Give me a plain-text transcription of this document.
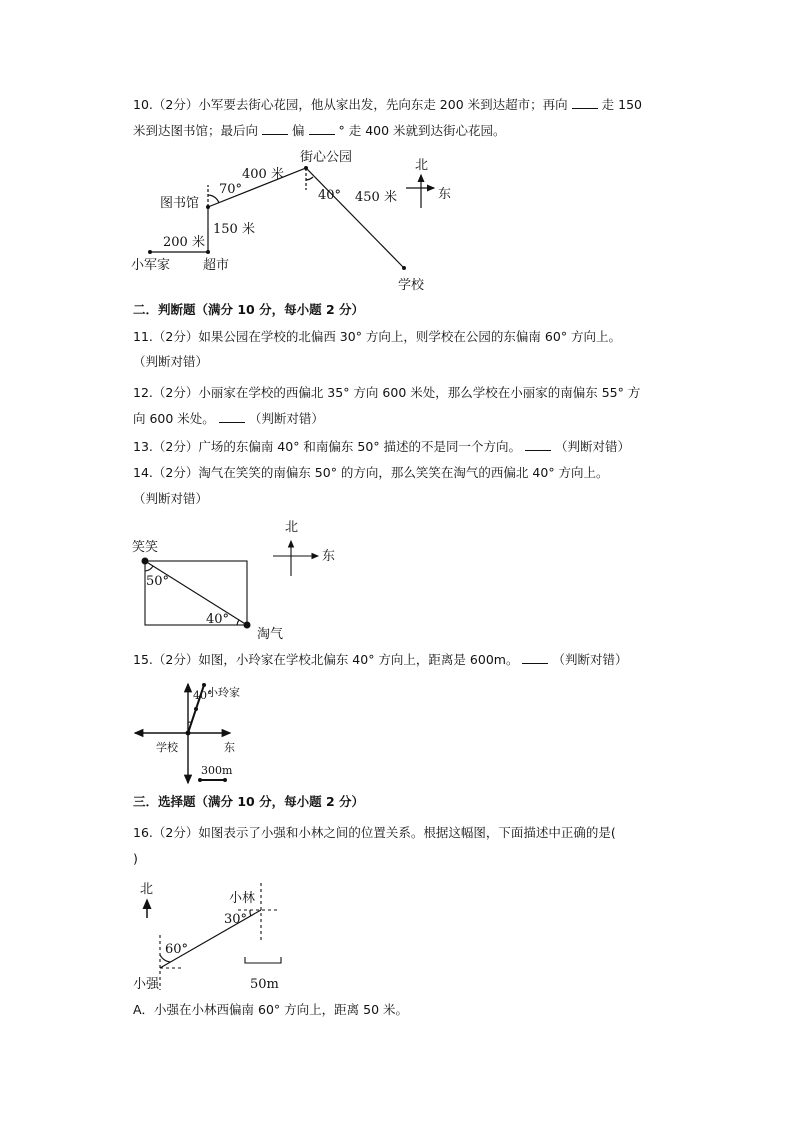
10.（2分）小军要去街心花园，他从家出发，先向东走 200 米到达超市；再向	走 150
米到达图书馆；最后向	偏	° 走 400 米就到达街心花园。
二．判断题（满分 10 分，每小题 2 分）
11.（2分）如果公园在学校的北偏西 30° 方向上，则学校在公园的东偏南 60° 方向上。
（判断对错）
12.（2分）小丽家在学校的西偏北 35° 方向 600 米处，那么学校在小丽家的南偏东 55° 方
向 600 米处。	（判断对错）
13.（2分）广场的东偏南 40° 和南偏东 50° 描述的不是同一个方向。	（判断对错）
14.（2分）淘气在笑笑的南偏东 50° 的方向，那么笑笑在淘气的西偏北 40° 方向上。
（判断对错）
15.（2分）如图，小玲家在学校北偏东 40° 方向上，距离是 600m。	（判断对错）
三．选择题（满分 10 分，每小题 2 分）
16.（2分）如图表示了小强和小林之间的位置关系。根据这幅图，下面描述中正确的是(
)
A．小强在小林西偏南 60° 方向上，距离 50 米。
街心公园
400 米
70°
图书馆
150 米
200 米
小军家	超市
40° 450 米
学校
北
东
笑笑
50°
40°
淘气
北
东
40°
小玲家
学校	东
300m
北
小林
30°
60°
小强	50m
